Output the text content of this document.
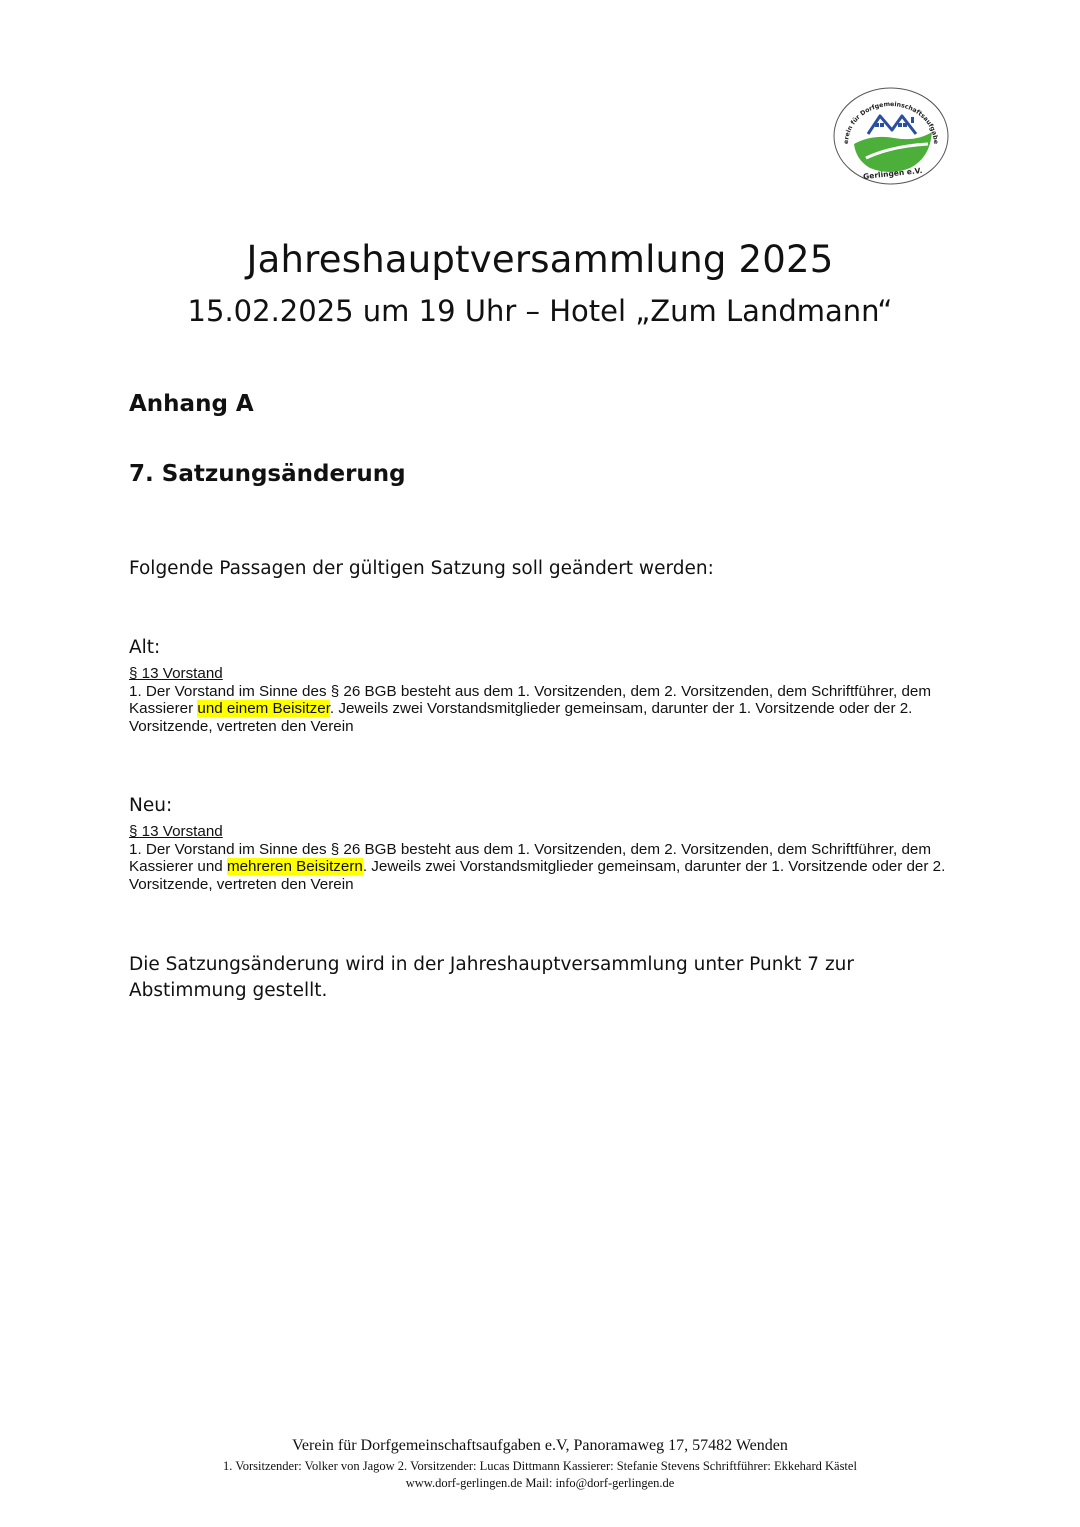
erein für Dorfgemeinschaftsaufgabe
Gerlingen e.V.
Jahreshauptversammlung 2025
15.02.2025 um 19 Uhr – Hotel „Zum Landmann“
Anhang A
7. Satzungsänderung
Folgende Passagen der gültigen Satzung soll geändert werden:
Alt:
§ 13 Vorstand
1. Der Vorstand im Sinne des § 26 BGB besteht aus dem 1. Vorsitzenden, dem 2. Vorsitzenden, dem Schriftführer, dem Kassierer und einem Beisitzer. Jeweils zwei Vorstandsmitglieder gemeinsam, darunter der 1. Vorsitzende oder der 2. Vorsitzende, vertreten den Verein
Neu:
§ 13 Vorstand
1. Der Vorstand im Sinne des § 26 BGB besteht aus dem 1. Vorsitzenden, dem 2. Vorsitzenden, dem Schriftführer, dem Kassierer und mehreren Beisitzern. Jeweils zwei Vorstandsmitglieder gemeinsam, darunter der 1. Vorsitzende oder der 2. Vorsitzende, vertreten den Verein
Die Satzungsänderung wird in der Jahreshauptversammlung unter Punkt 7 zur Abstimmung gestellt.
Verein für Dorfgemeinschaftsaufgaben e.V, Panoramaweg 17, 57482 Wenden
1. Vorsitzender: Volker von Jagow 2. Vorsitzender: Lucas Dittmann Kassierer: Stefanie Stevens Schriftführer: Ekkehard Kästel
www.dorf-gerlingen.de Mail: info@dorf-gerlingen.de
